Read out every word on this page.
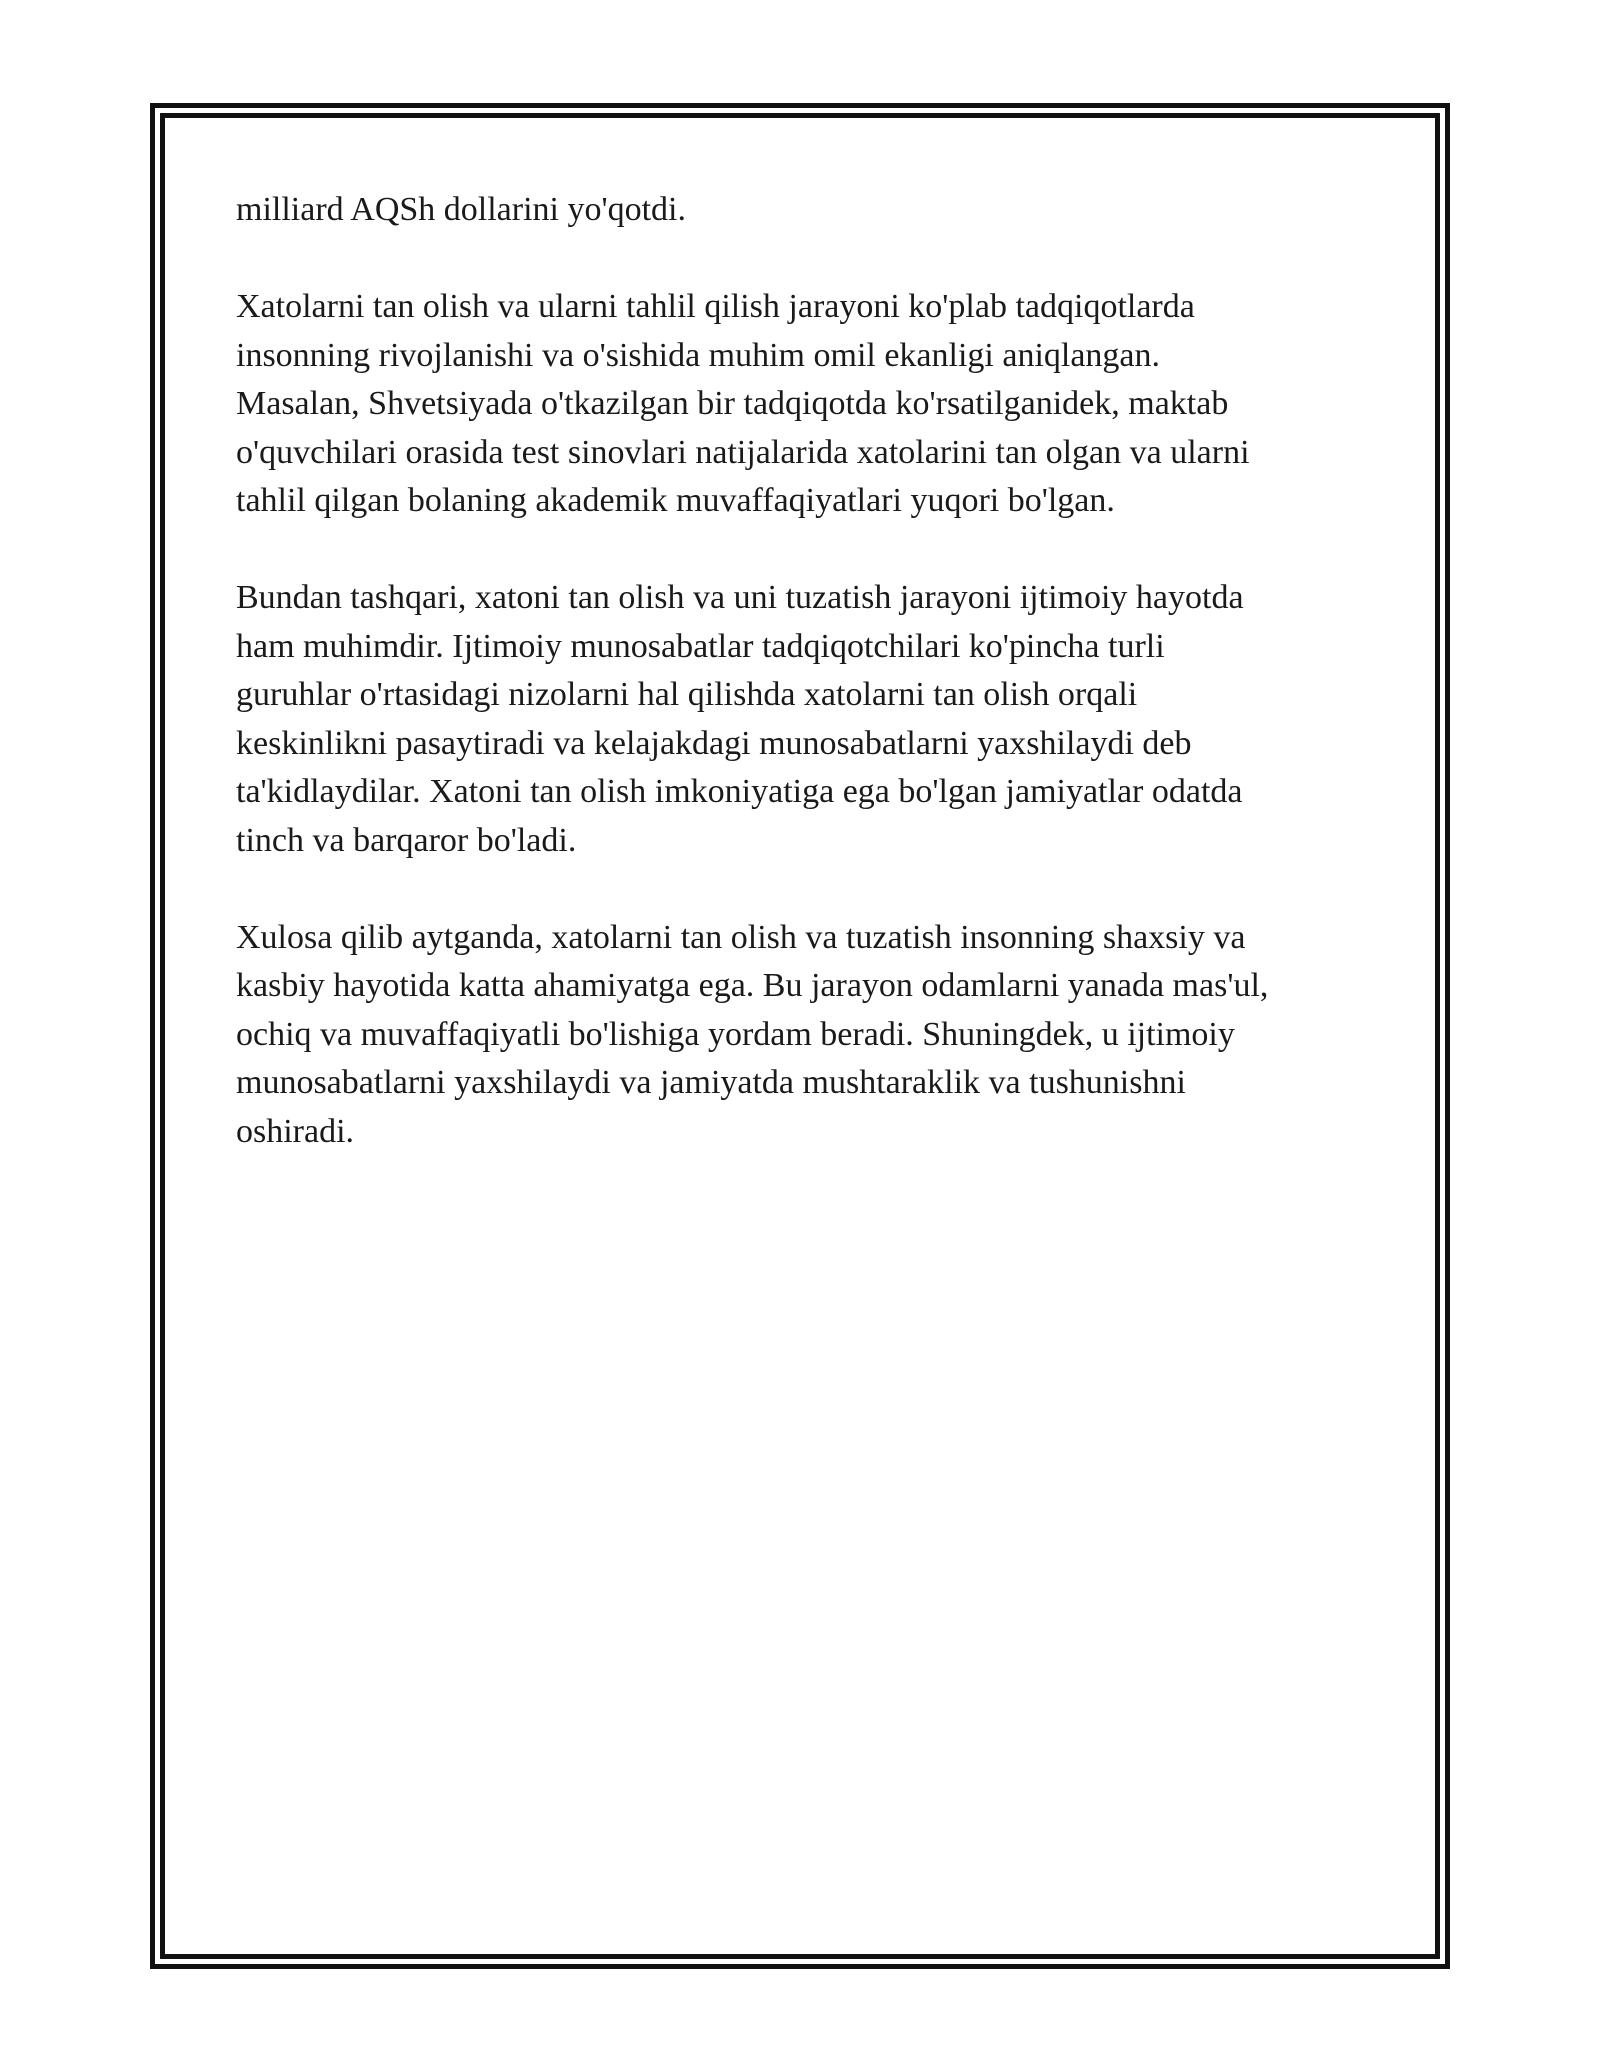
milliard AQSh dollarini yo'qotdi.

Xatolarni tan olish va ularni tahlil qilish jarayoni ko'plab tadqiqotlarda
insonning rivojlanishi va o'sishida muhim omil ekanligi aniqlangan.
Masalan, Shvetsiyada o'tkazilgan bir tadqiqotda ko'rsatilganidek, maktab
o'quvchilari orasida test sinovlari natijalarida xatolarini tan olgan va ularni
tahlil qilgan bolaning akademik muvaffaqiyatlari yuqori bo'lgan.

Bundan tashqari, xatoni tan olish va uni tuzatish jarayoni ijtimoiy hayotda
ham muhimdir. Ijtimoiy munosabatlar tadqiqotchilari ko'pincha turli
guruhlar o'rtasidagi nizolarni hal qilishda xatolarni tan olish orqali
keskinlikni pasaytiradi va kelajakdagi munosabatlarni yaxshilaydi deb
ta'kidlaydilar. Xatoni tan olish imkoniyatiga ega bo'lgan jamiyatlar odatda
tinch va barqaror bo'ladi.

Xulosa qilib aytganda, xatolarni tan olish va tuzatish insonning shaxsiy va
kasbiy hayotida katta ahamiyatga ega. Bu jarayon odamlarni yanada mas'ul,
ochiq va muvaffaqiyatli bo'lishiga yordam beradi. Shuningdek, u ijtimoiy
munosabatlarni yaxshilaydi va jamiyatda mushtaraklik va tushunishni
oshiradi.
